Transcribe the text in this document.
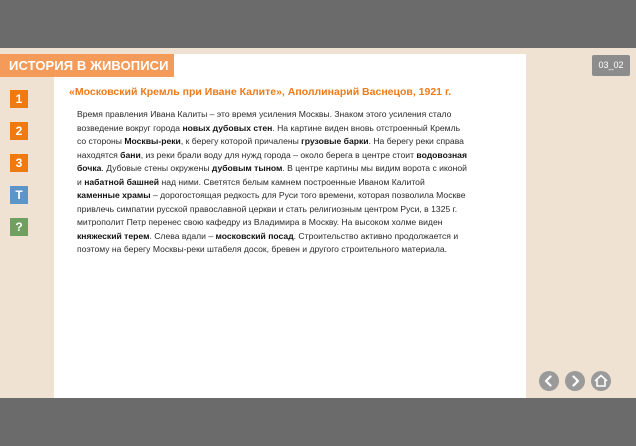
ИСТОРИЯ В ЖИВОПИСИ	03_02
1
2
3
T
?
«Московский Кремль при Иване Калите», Аполлинарий Васнецов, 1921 г.
Время правления Ивана Калиты – это время усиления Москвы. Знаком этого усиления стало возведение вокруг города новых дубовых стен. На картине виден вновь отстроенный Кремль со стороны Москвы-реки, к берегу которой причалены грузовые барки. На берегу реки справа находятся бани, из реки брали воду для нужд города – около берега в центре стоит водовозная бочка. Дубовые стены окружены дубовым тыном. В центре картины мы видим ворота с иконой и набатной башней над ними. Светятся белым камнем построенные Иваном Калитой каменные храмы – дорогостоящая редкость для Руси того времени, которая позволила Москве привлечь симпатии русской православной церкви и стать религиозным центром Руси, в 1325 г. митрополит Петр перенес свою кафедру из Владимира в Москву. На высоком холме виден княжеский терем. Слева вдали – московский посад. Строительство активно продолжается и поэтому на берегу Москвы-реки штабеля досок, бревен и другого строительного материала.
